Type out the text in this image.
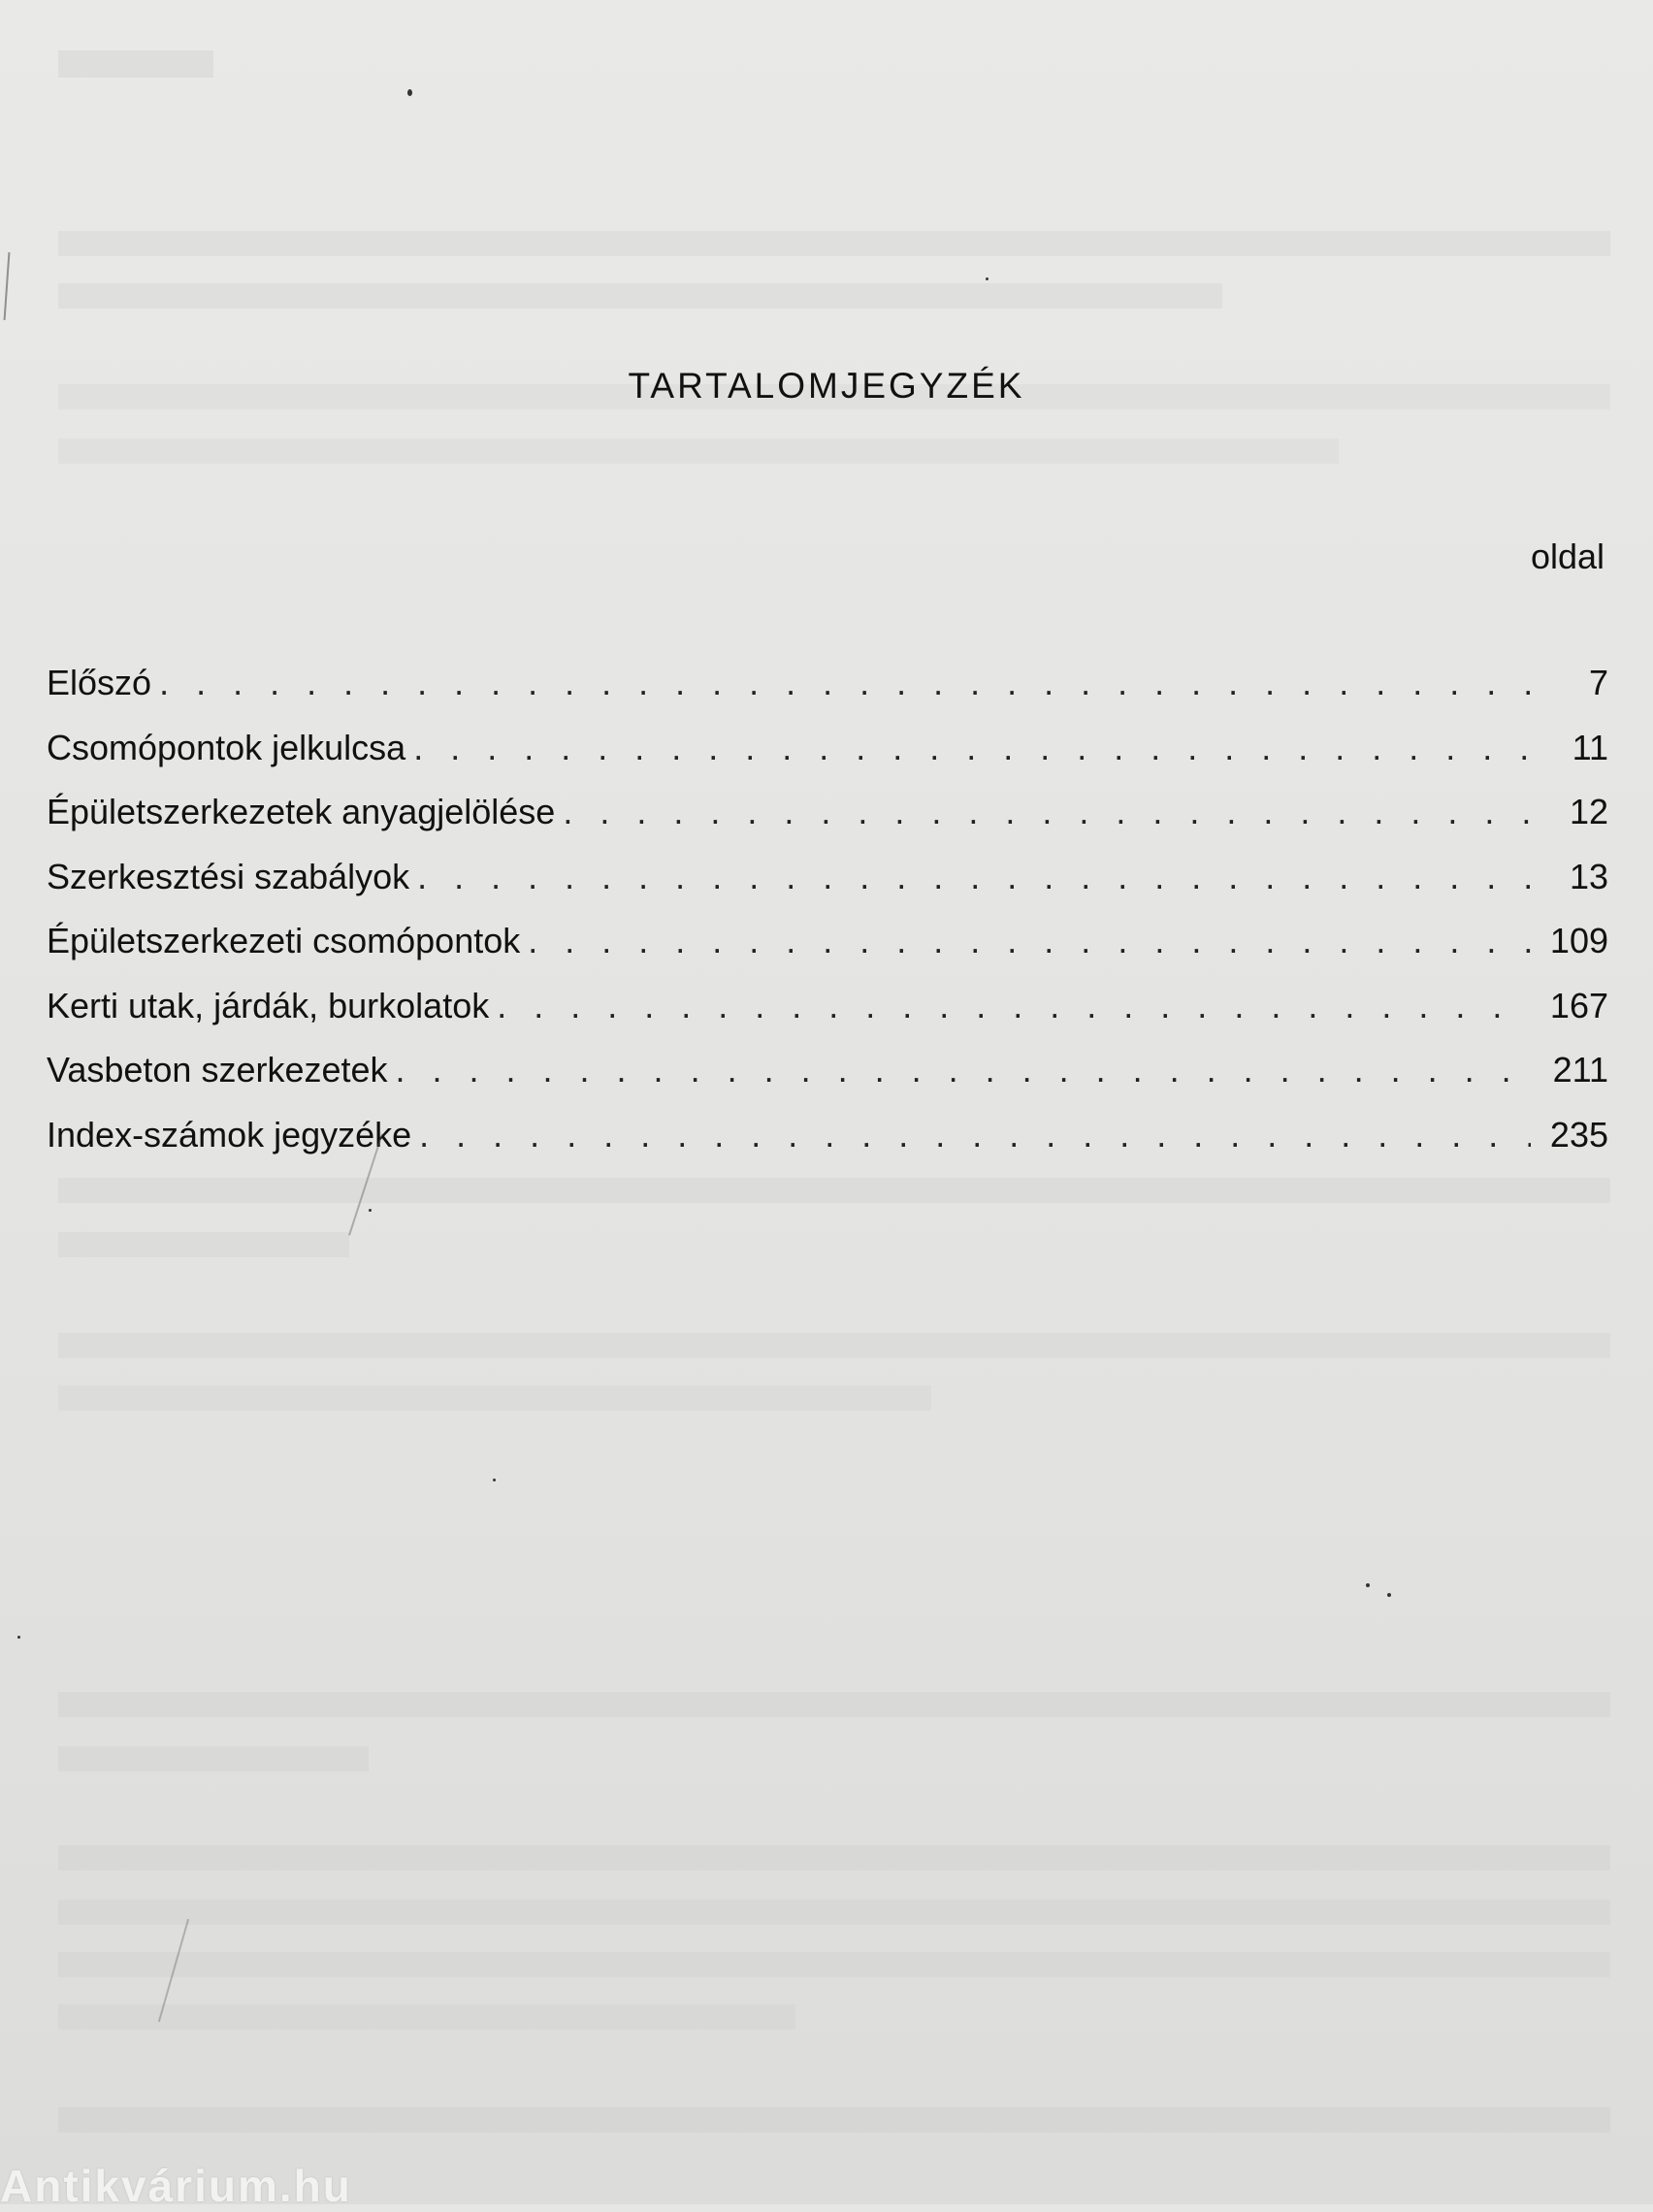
TARTALOMJEGYZÉK
oldal
Előszó . . .	7
Csomópontok jelkulcsa . . .	11
Épületszerkezetek anyagjelölése . . .	12
Szerkesztési szabályok . . .	13
Épületszerkezeti csomópontok . . .	109
Kerti utak, járdák, burkolatok . . .	167
Vasbeton szerkezetek . . .	211
Index-számok jegyzéke . . .	235
Antikvárium.hu
